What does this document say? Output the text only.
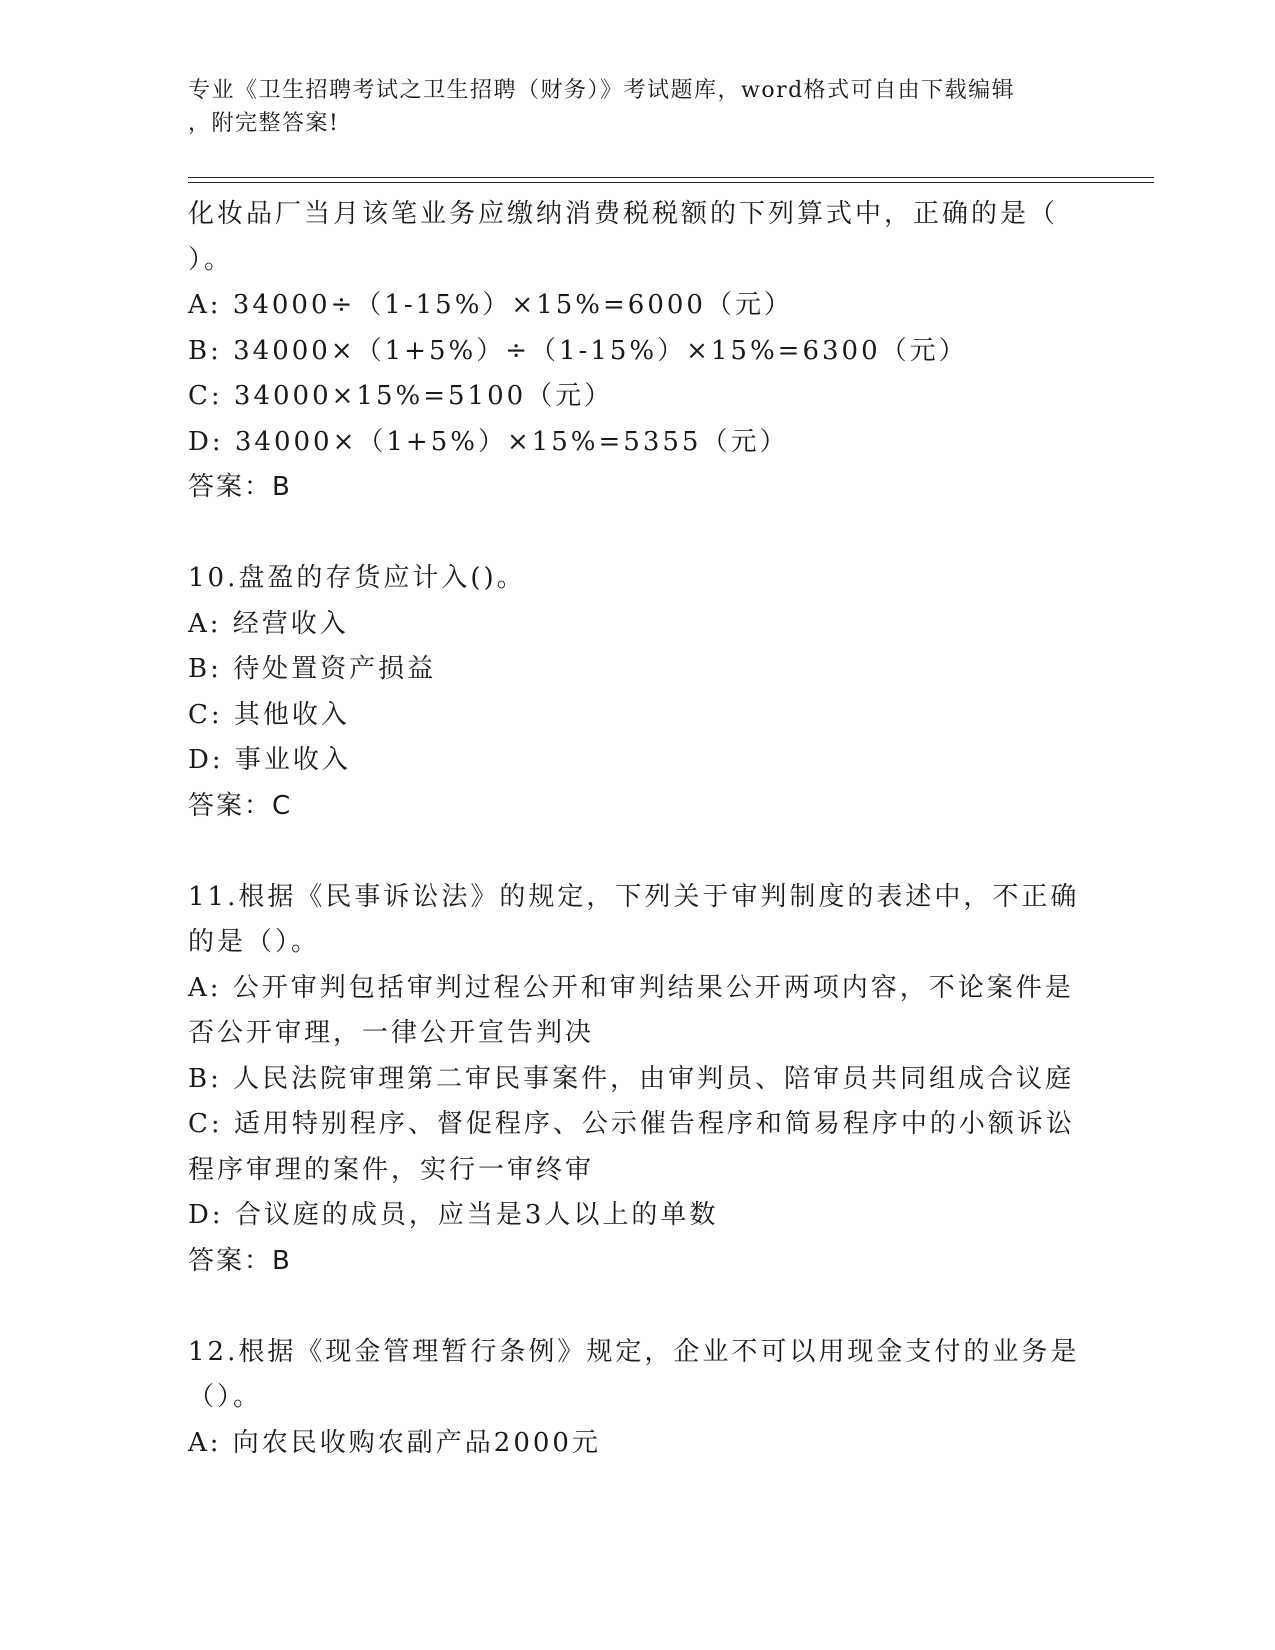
专业《卫生招聘考试之卫生招聘（财务）》考试题库，word格式可自由下载编辑
，附完整答案!
化妆品厂当月该笔业务应缴纳消费税税额的下列算式中，正确的是（
）。
A: 34000÷（1-15%）×15%=6000（元）
B: 34000×（1+5%）÷（1-15%）×15%=6300（元）
C: 34000×15%=5100（元）
D: 34000×（1+5%）×15%=5355（元）
答案：B
10.盘盈的存货应计入()。
A: 经营收入
B: 待处置资产损益
C: 其他收入
D: 事业收入
答案：C
11.根据《民事诉讼法》的规定，下列关于审判制度的表述中，不正确
的是（）。
A: 公开审判包括审判过程公开和审判结果公开两项内容，不论案件是
否公开审理，一律公开宣告判决
B: 人民法院审理第二审民事案件，由审判员、陪审员共同组成合议庭
C: 适用特别程序、督促程序、公示催告程序和简易程序中的小额诉讼
程序审理的案件，实行一审终审
D: 合议庭的成员，应当是3人以上的单数
答案：B
12.根据《现金管理暂行条例》规定，企业不可以用现金支付的业务是
（）。
A: 向农民收购农副产品2000元
